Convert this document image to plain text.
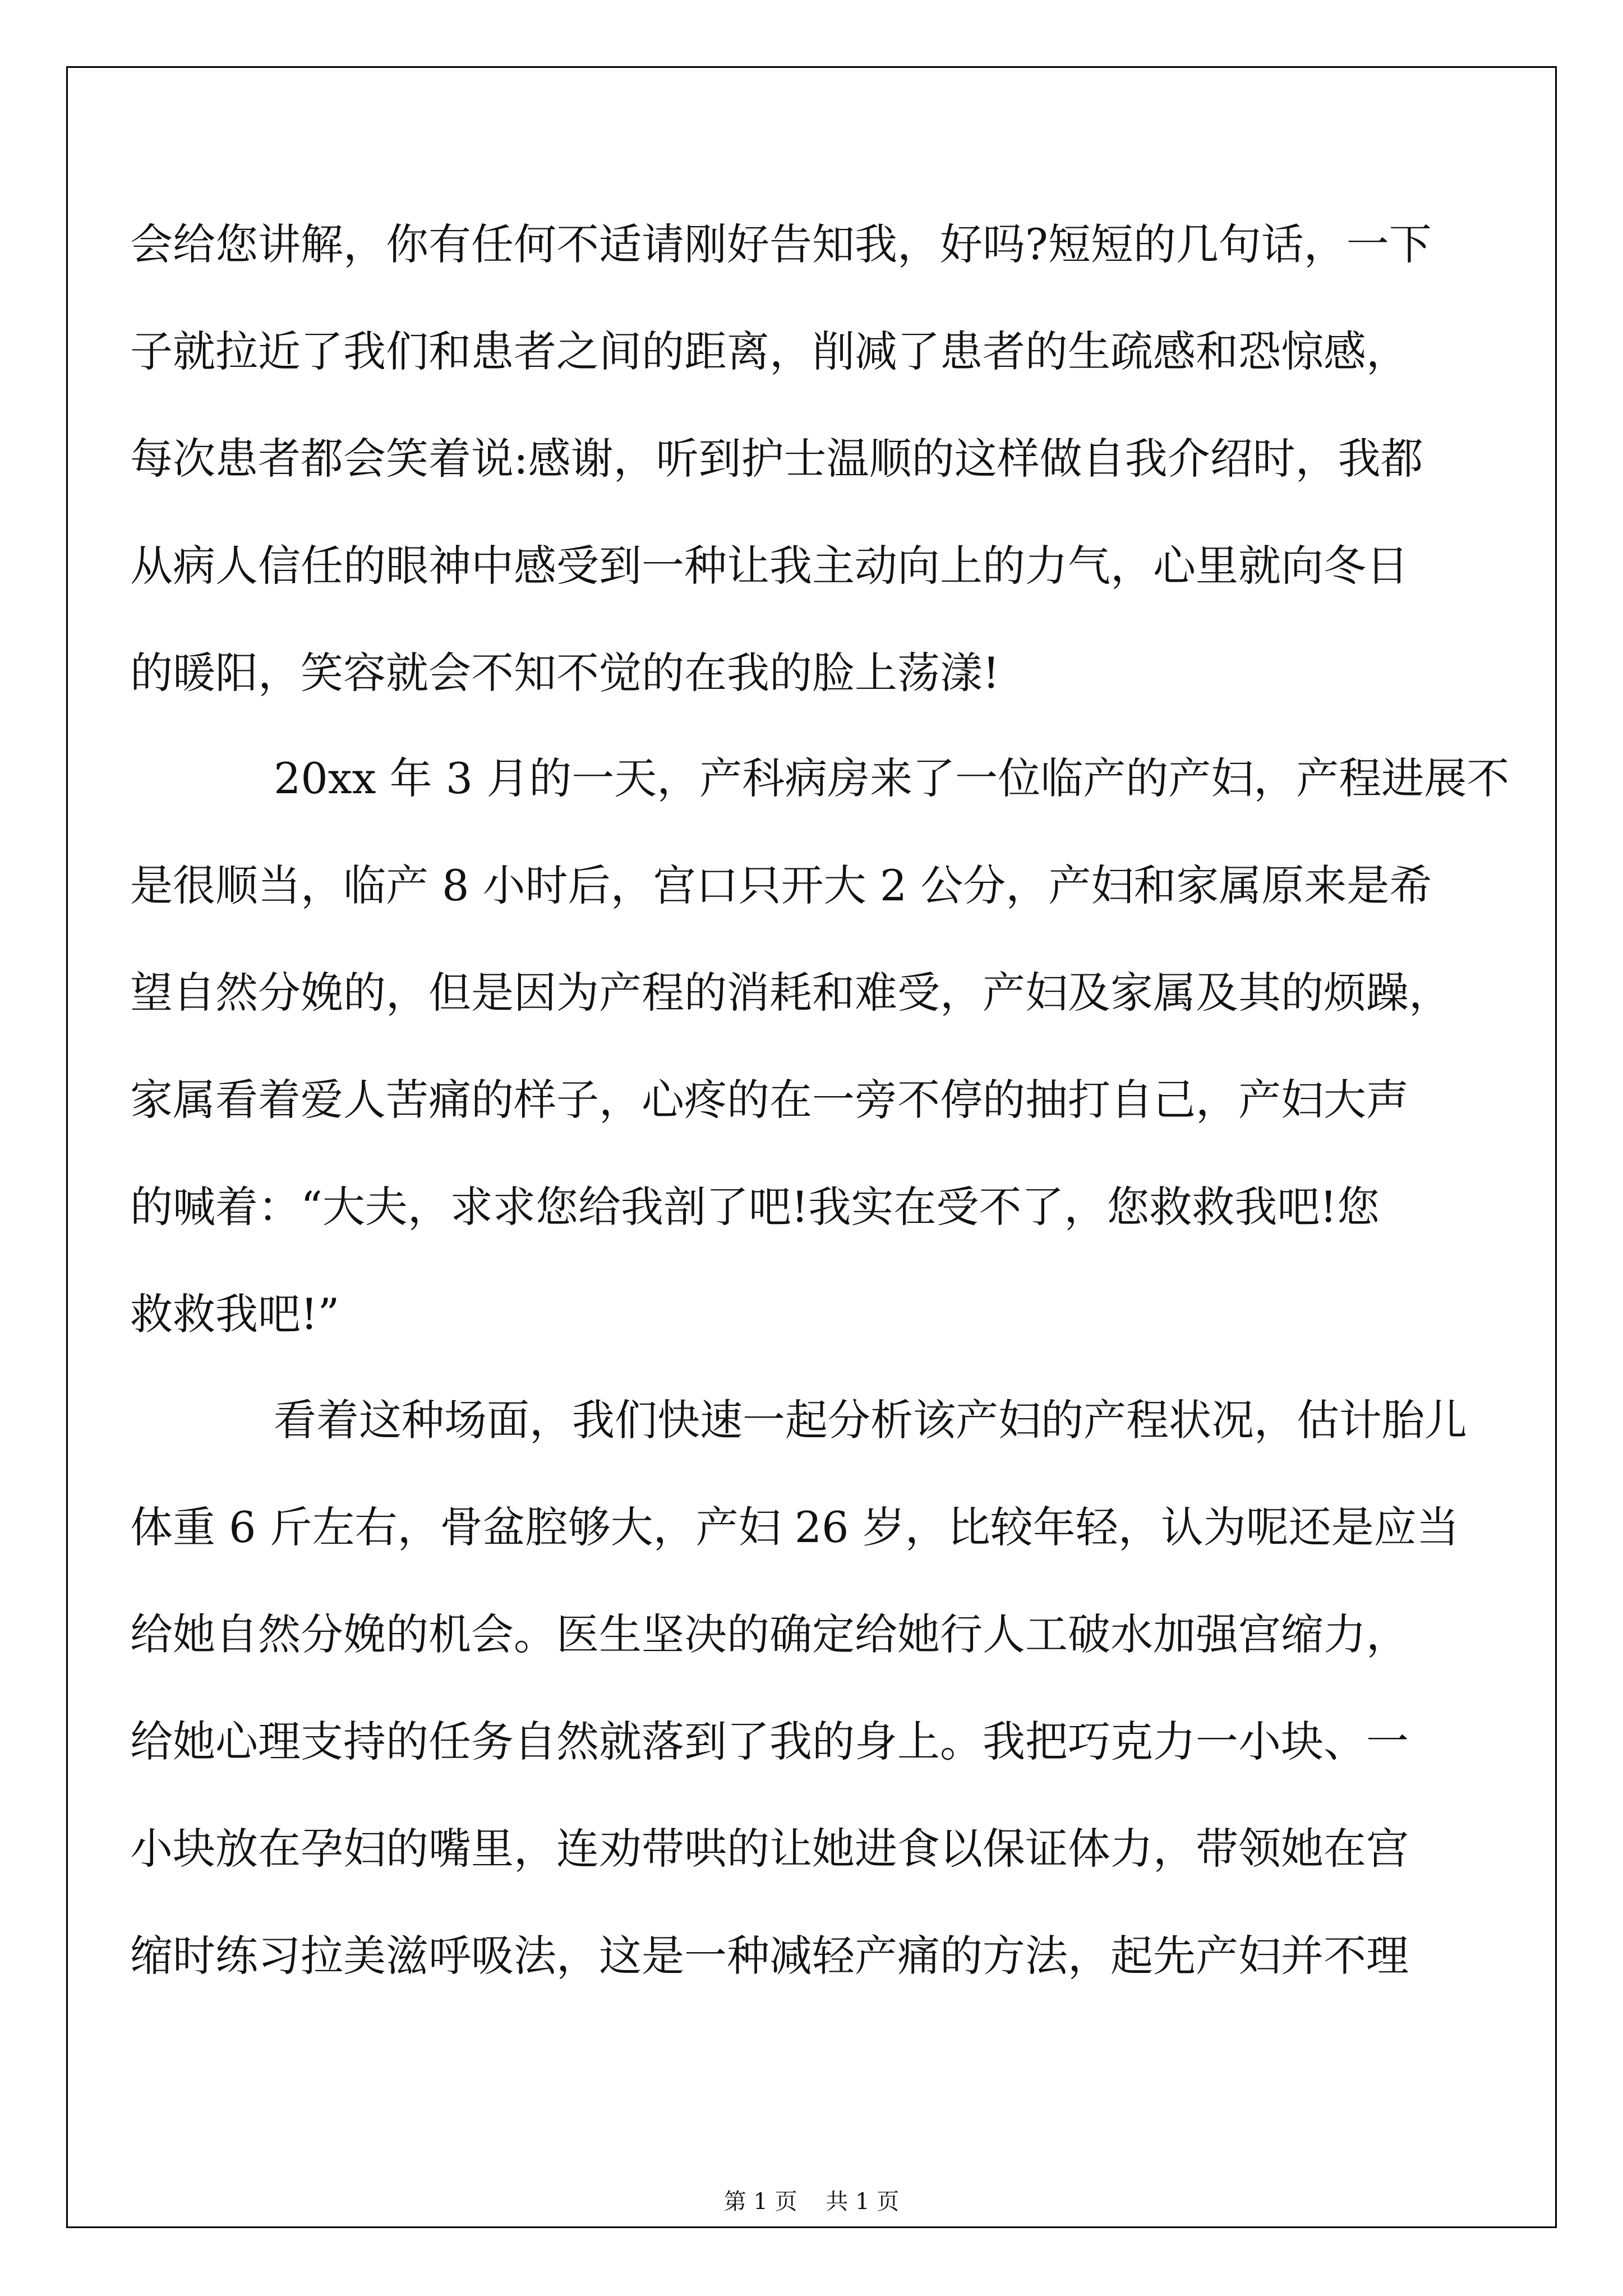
会给您讲解，你有任何不适请刚好告知我，好吗?短短的几句话，一下

子就拉近了我们和患者之间的距离，削减了患者的生疏感和恐惊感，

每次患者都会笑着说:感谢，听到护士温顺的这样做自我介绍时，我都

从病人信任的眼神中感受到一种让我主动向上的力气，心里就向冬日

的暖阳，笑容就会不知不觉的在我的脸上荡漾!

20xx 年 3 月的一天，产科病房来了一位临产的产妇，产程进展不

是很顺当，临产 8 小时后，宫口只开大 2 公分，产妇和家属原来是希

望自然分娩的，但是因为产程的消耗和难受，产妇及家属及其的烦躁，

家属看着爱人苦痛的样子，心疼的在一旁不停的抽打自己，产妇大声

的喊着：“大夫，求求您给我剖了吧!我实在受不了，您救救我吧!您

救救我吧!”

看着这种场面，我们快速一起分析该产妇的产程状况，估计胎儿

体重 6 斤左右，骨盆腔够大，产妇 26 岁，比较年轻，认为呢还是应当

给她自然分娩的机会。医生坚决的确定给她行人工破水加强宫缩力，

给她心理支持的任务自然就落到了我的身上。我把巧克力一小块、一

小块放在孕妇的嘴里，连劝带哄的让她进食以保证体力，带领她在宫

缩时练习拉美滋呼吸法，这是一种减轻产痛的方法，起先产妇并不理

第 1 页    共 1 页
